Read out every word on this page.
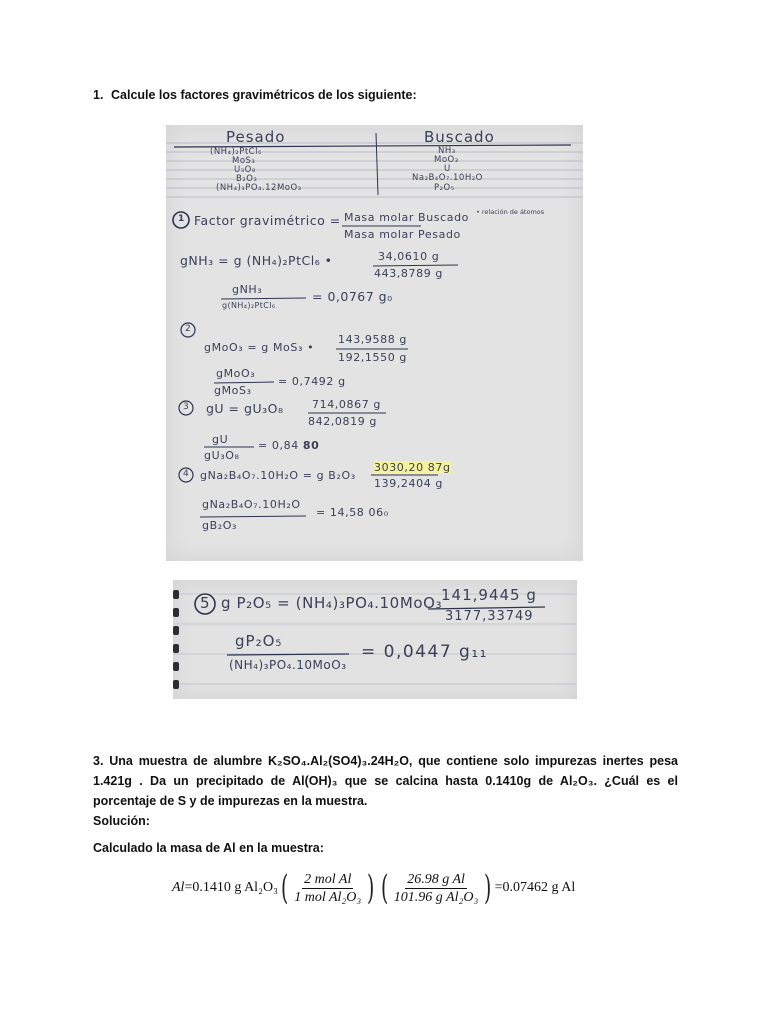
1. Calcule los factores gravimétricos de los siguiente:
Pesado	Buscado
(NH₄)₂PtCl₆	NH₃
MoS₃	MoO₃
U₃O₈	U
B₂O₃	Na₂B₄O₇.10H₂O
(NH₄)₃PO₄.12MoO₃	P₂O₅
1 Factor gravimétrico = Masa molar Buscado
Masa molar Pesado
• relación de átomos
gNH₃ = g (NH₄)₂PtCl₆ •	34,0610 g
443,8789 g
gNH₃
g(NH₄)₂PtCl₆
= 0,0767 g₀
2
gMoO₃ = g MoS₃ •
143,9588 g
192,1550 g
gMoO₃
gMoS₃
= 0,7492 g
3 gU = gU₃O₈	714,0867 g
842,0819 g
gU
gU₃O₈
= 0,84 80
4 gNa₂B₄O₇.10H₂O = g B₂O₃
3030,20 87g
139,2404 g
gNa₂B₄O₇.10H₂O
gB₂O₃
= 14,58 06₀
5 g P₂O₅ = (NH₄)₃PO₄.10MoO₃
141,9445 g
3177,33749
gP₂O₅
(NH₄)₃PO₄.10MoO₃
= 0,0447 g₁₁
3. Una muestra de alumbre K₂SO₄.Al₂(SO4)₃.24H₂O, que contiene solo impurezas inertes pesa 1.421g . Da un precipitado de Al(OH)₃ que se calcina hasta 0.1410g de Al₂O₃. ¿Cuál es el porcentaje de S y de impurezas en la muestra.
Solución:
Calculado la masa de Al en la muestra:
Al =0.1410 g Al₂O₃ ( $\frac{\text{2 mol Al}}{\text{1 mol Al₂O₃}}$ ) ( $\frac{\text{26.98 g Al}}{\text{101.96 g Al₂O₃}}$ ) =0.07462 g Al
